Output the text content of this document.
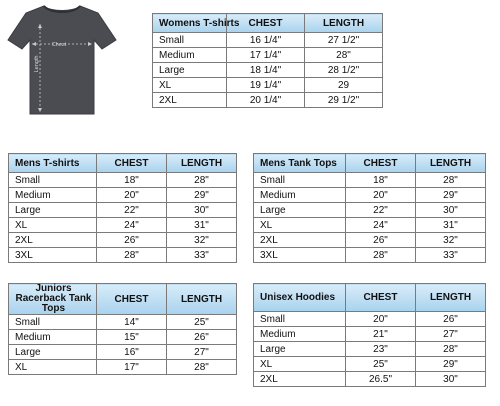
Chest
Length
Womens T-shirts	CHEST	LENGTH
Small	16 1/4"	27 1/2"
Medium	17 1/4"	28"
Large	18 1/4"	28 1/2"
XL	19 1/4"	29
2XL	20 1/4"	29 1/2"
Mens T-shirts	CHEST	LENGTH
Small	18"	28"
Medium	20"	29"
Large	22"	30"
XL	24"	31"
2XL	26"	32"
3XL	28"	33"
Mens Tank Tops	CHEST	LENGTH
Small	18"	28"
Medium	20"	29"
Large	22"	30"
XL	24"	31"
2XL	26"	32"
3XL	28"	33"
Juniors Racerback Tank Tops	CHEST	LENGTH
Small	14"	25"
Medium	15"	26"
Large	16"	27"
XL	17"	28"
Unisex Hoodies	CHEST	LENGTH
Small	20"	26"
Medium	21"	27"
Large	23"	28"
XL	25"	29"
2XL	26.5"	30"
